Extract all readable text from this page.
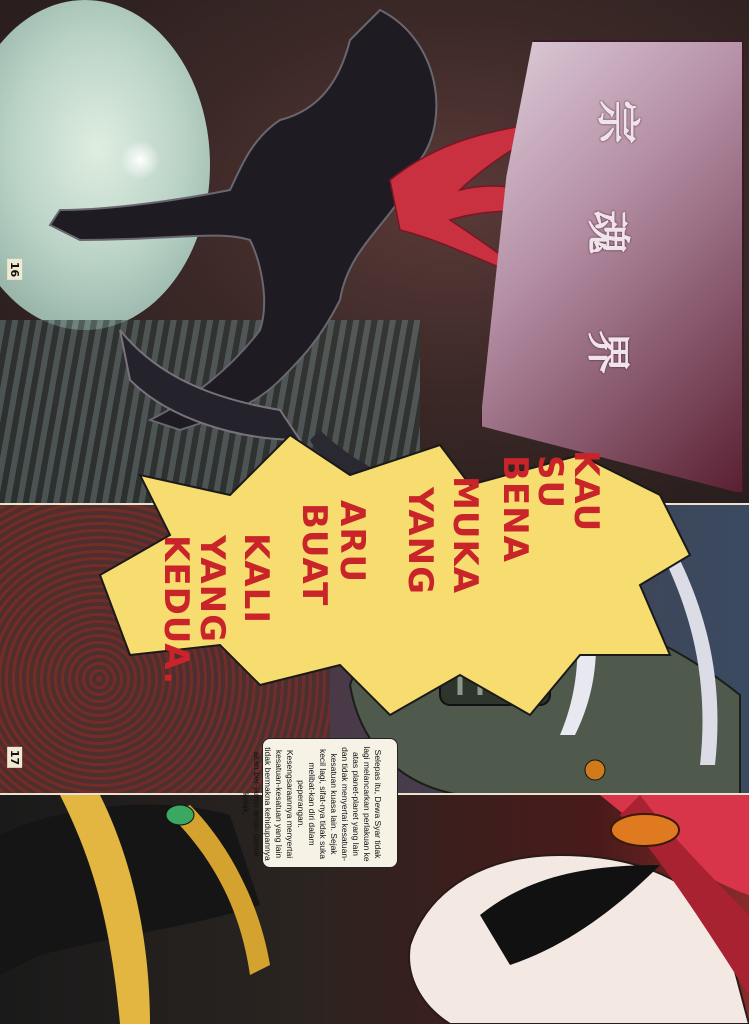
宗
魂
界
16
17
KAU
SU
BENA
MUKA
YANG
ARU
BUAT
KALI
YANG
KEDUA.
Selepas itu, Dewa Syar tidak lagi melancarkan perlakuan ke atas planet-planet yang lain dan tidak menyertai kesatuan-kesatuan kuasa lain. Sejak kecil lagi, sifat-nya tidak suka melibat-kan diri dalam peperangan. Kesengsaraannya menyertai kesatuan-kesatuan yang lain tidak bermakna kehidupannya akan ber-jamin aman damai kelak.
